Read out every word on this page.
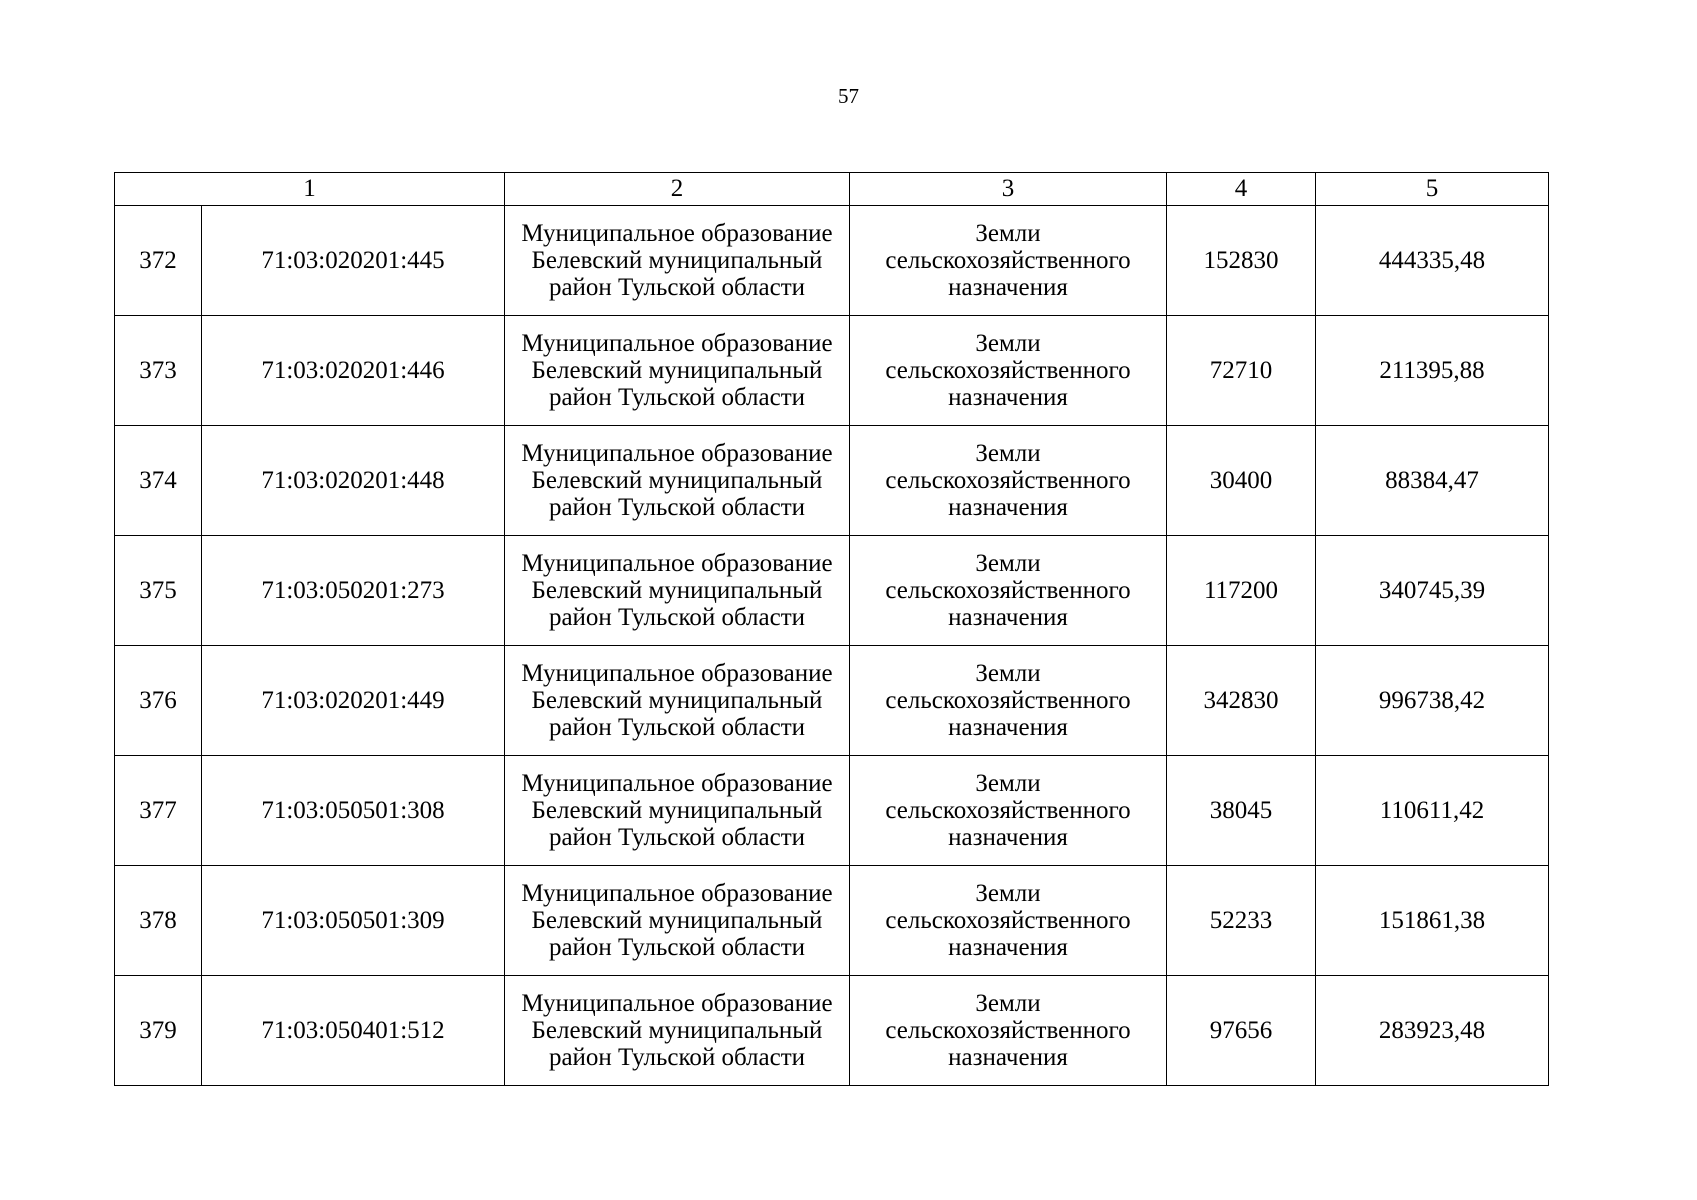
57
1		2	3	4	5
372	71:03:020201:445	Муниципальное образование Белевский муниципальный район Тульской области	Земли сельскохозяйственного назначения	152830	444335,48
373	71:03:020201:446	Муниципальное образование Белевский муниципальный район Тульской области	Земли сельскохозяйственного назначения	72710	211395,88
374	71:03:020201:448	Муниципальное образование Белевский муниципальный район Тульской области	Земли сельскохозяйственного назначения	30400	88384,47
375	71:03:050201:273	Муниципальное образование Белевский муниципальный район Тульской области	Земли сельскохозяйственного назначения	117200	340745,39
376	71:03:020201:449	Муниципальное образование Белевский муниципальный район Тульской области	Земли сельскохозяйственного назначения	342830	996738,42
377	71:03:050501:308	Муниципальное образование Белевский муниципальный район Тульской области	Земли сельскохозяйственного назначения	38045	110611,42
378	71:03:050501:309	Муниципальное образование Белевский муниципальный район Тульской области	Земли сельскохозяйственного назначения	52233	151861,38
379	71:03:050401:512	Муниципальное образование Белевский муниципальный район Тульской области	Земли сельскохозяйственного назначения	97656	283923,48
